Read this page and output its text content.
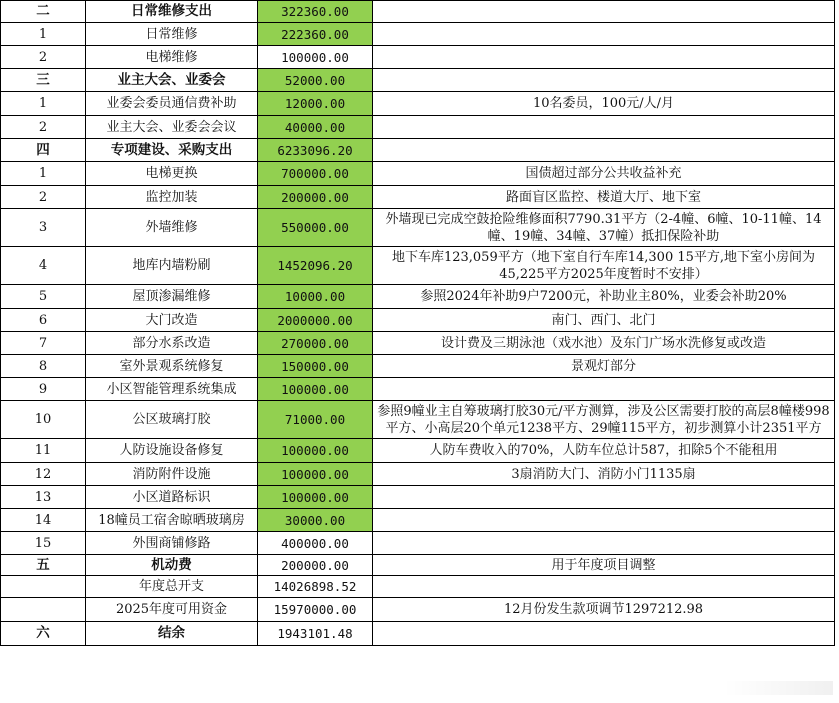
二	日常维修支出	322360.00	
1	日常维修	222360.00	
2	电梯维修	100000.00	
三	业主大会、业委会	52000.00	
1	业委会委员通信费补助	12000.00	10名委员，100元/人/月
2	业主大会、业委会会议	40000.00	
四	专项建设、采购支出	6233096.20	
1	电梯更换	700000.00	国债超过部分公共收益补充
2	监控加装	200000.00	路面盲区监控、楼道大厅、地下室
3	外墙维修	550000.00	外墙现已完成空鼓抢险维修面积7790.31平方（2-4幢、6幢、10-11幢、14幢、19幢、34幢、37幢）抵扣保险补助
4	地库内墙粉刷	1452096.20	地下车库123,059平方（地下室自行车库14,300 15平方,地下室小房间为45,225平方2025年度暂时不安排）
5	屋顶渗漏维修	10000.00	参照2024年补助9户7200元，补助业主80%，业委会补助20%
6	大门改造	2000000.00	南门、西门、北门
7	部分水系改造	270000.00	设计费及三期泳池（戏水池）及东门广场水洗修复或改造
8	室外景观系统修复	150000.00	景观灯部分
9	小区智能管理系统集成	100000.00	
10	公区玻璃打胶	71000.00	参照9幢业主自筹玻璃打胶30元/平方测算，涉及公区需要打胶的高层8幢楼998平方、小高层20个单元1238平方、29幢115平方，初步测算小计2351平方
11	人防设施设备修复	100000.00	人防车费收入的70%，人防车位总计587，扣除5个不能租用
12	消防附件设施	100000.00	3扇消防大门、消防小门1135扇
13	小区道路标识	100000.00	
14	18幢员工宿舍晾晒玻璃房	30000.00	
15	外围商铺修路	400000.00	
五	机动费	200000.00	用于年度项目调整
	年度总开支	14026898.52	
	2025年度可用资金	15970000.00	12月份发生款项调节1297212.98
六	结余	1943101.48	
